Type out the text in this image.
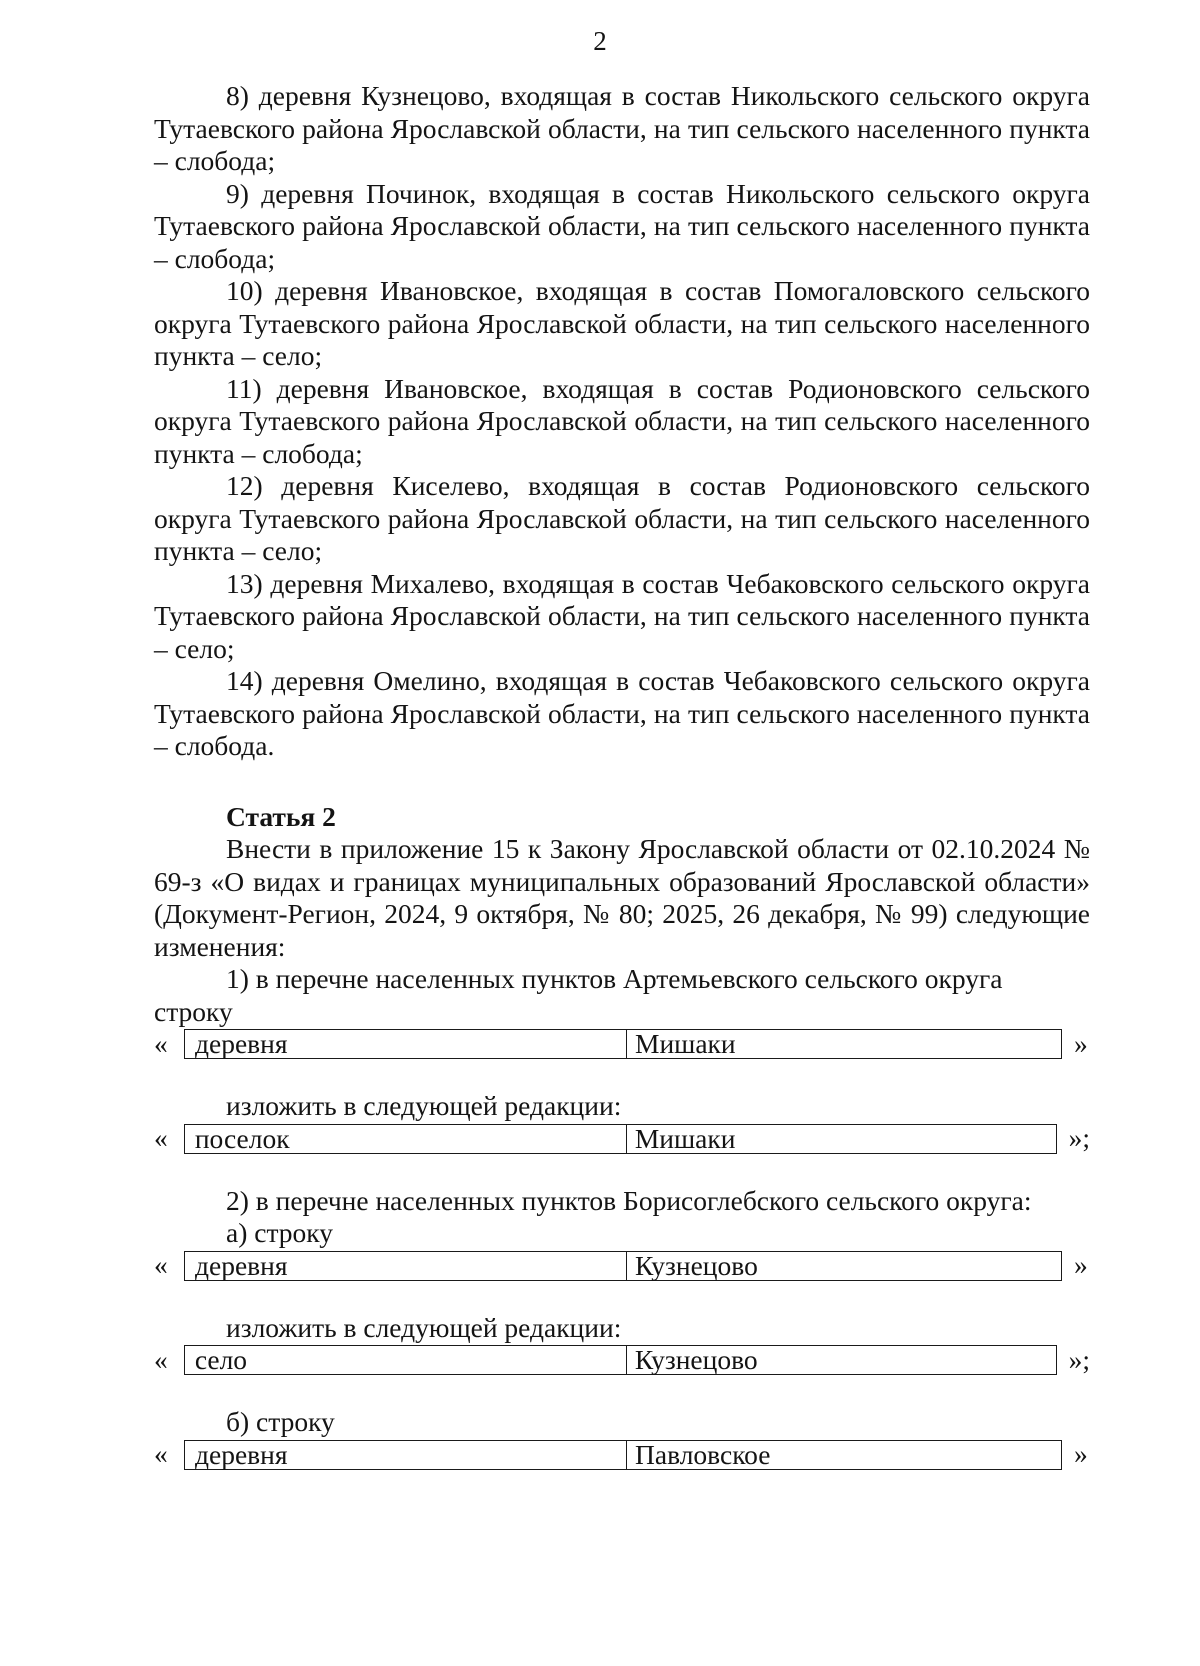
2

8) деревня Кузнецово, входящая в состав Никольского сельского округа Тутаевского района Ярославской области, на тип сельского населенного пункта – слобода;

9) деревня Починок, входящая в состав Никольского сельского округа Тутаевского района Ярославской области, на тип сельского населенного пункта – слобода;

10) деревня Ивановское, входящая в состав Помогаловского сельского округа Тутаевского района Ярославской области, на тип сельского населенного пункта – село;

11) деревня Ивановское, входящая в состав Родионовского сельского округа Тутаевского района Ярославской области, на тип сельского населенного пункта – слобода;

12) деревня Киселево, входящая в состав Родионовского сельского округа Тутаевского района Ярославской области, на тип сельского населенного пункта – село;

13) деревня Михалево, входящая в состав Чебаковского сельского округа Тутаевского района Ярославской области, на тип сельского населенного пункта – село;

14) деревня Омелино, входящая в состав Чебаковского сельского округа Тутаевского района Ярославской области, на тип сельского населенного пункта – слобода.

Статья 2

Внести в приложение 15 к Закону Ярославской области от 02.10.2024 № 69-з «О видах и границах муниципальных образований Ярославской области» (Документ-Регион, 2024, 9 октября, № 80; 2025, 26 декабря, № 99) следующие изменения:

1) в перечне населенных пунктов Артемьевского сельского округа

строку

« деревня	Мишаки	»

изложить в следующей редакции:

« поселок	Мишаки	»;

2) в перечне населенных пунктов Борисоглебского сельского округа:

а) строку

« деревня	Кузнецово	»

изложить в следующей редакции:

« село	Кузнецово	»;

б) строку

« деревня	Павловское	»
